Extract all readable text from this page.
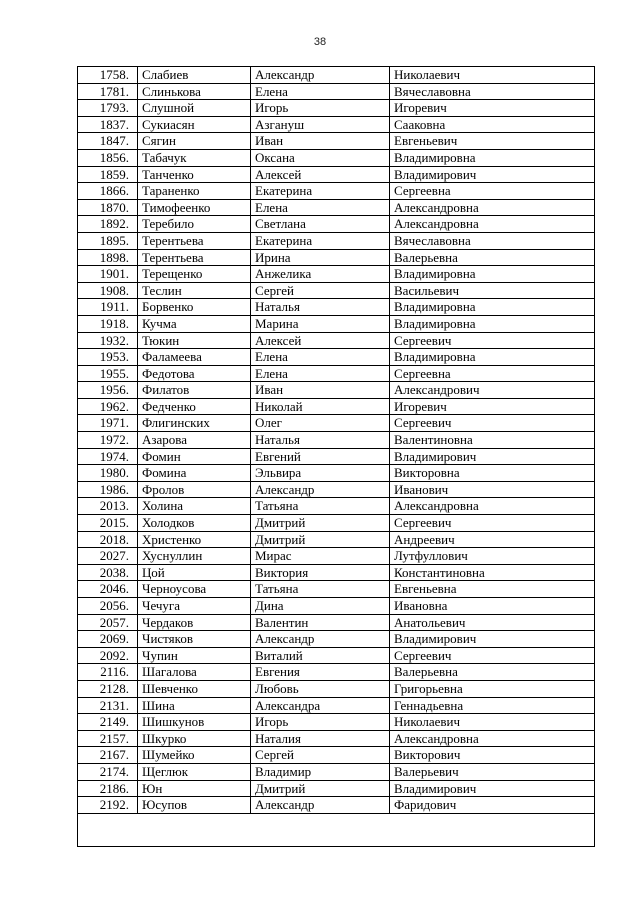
38
1758.	Слабиев	Александр	Николаевич
1781.	Слинькова	Елена	Вячеславовна
1793.	Слушной	Игорь	Игоревич
1837.	Сукиасян	Азгануш	Сааковна
1847.	Сягин	Иван	Евгеньевич
1856.	Табачук	Оксана	Владимировна
1859.	Танченко	Алексей	Владимирович
1866.	Тараненко	Екатерина	Сергеевна
1870.	Тимофеенко	Елена	Александровна
1892.	Теребило	Светлана	Александровна
1895.	Терентьева	Екатерина	Вячеславовна
1898.	Терентьева	Ирина	Валерьевна
1901.	Терещенко	Анжелика	Владимировна
1908.	Теслин	Сергей	Васильевич
1911.	Борвенко	Наталья	Владимировна
1918.	Кучма	Марина	Владимировна
1932.	Тюкин	Алексей	Сергеевич
1953.	Фаламеева	Елена	Владимировна
1955.	Федотова	Елена	Сергеевна
1956.	Филатов	Иван	Александрович
1962.	Федченко	Николай	Игоревич
1971.	Флигинских	Олег	Сергеевич
1972.	Азарова	Наталья	Валентиновна
1974.	Фомин	Евгений	Владимирович
1980.	Фомина	Эльвира	Викторовна
1986.	Фролов	Александр	Иванович
2013.	Холина	Татьяна	Александровна
2015.	Холодков	Дмитрий	Сергеевич
2018.	Христенко	Дмитрий	Андреевич
2027.	Хуснуллин	Мирас	Лутфуллович
2038.	Цой	Виктория	Константиновна
2046.	Черноусова	Татьяна	Евгеньевна
2056.	Чечуга	Дина	Ивановна
2057.	Чердаков	Валентин	Анатольевич
2069.	Чистяков	Александр	Владимирович
2092.	Чупин	Виталий	Сергеевич
2116.	Шагалова	Евгения	Валерьевна
2128.	Шевченко	Любовь	Григорьевна
2131.	Шина	Александра	Геннадьевна
2149.	Шишкунов	Игорь	Николаевич
2157.	Шкурко	Наталия	Александровна
2167.	Шумейко	Сергей	Викторович
2174.	Щеглюк	Владимир	Валерьевич
2186.	Юн	Дмитрий	Владимирович
2192.	Юсупов	Александр	Фаридович
